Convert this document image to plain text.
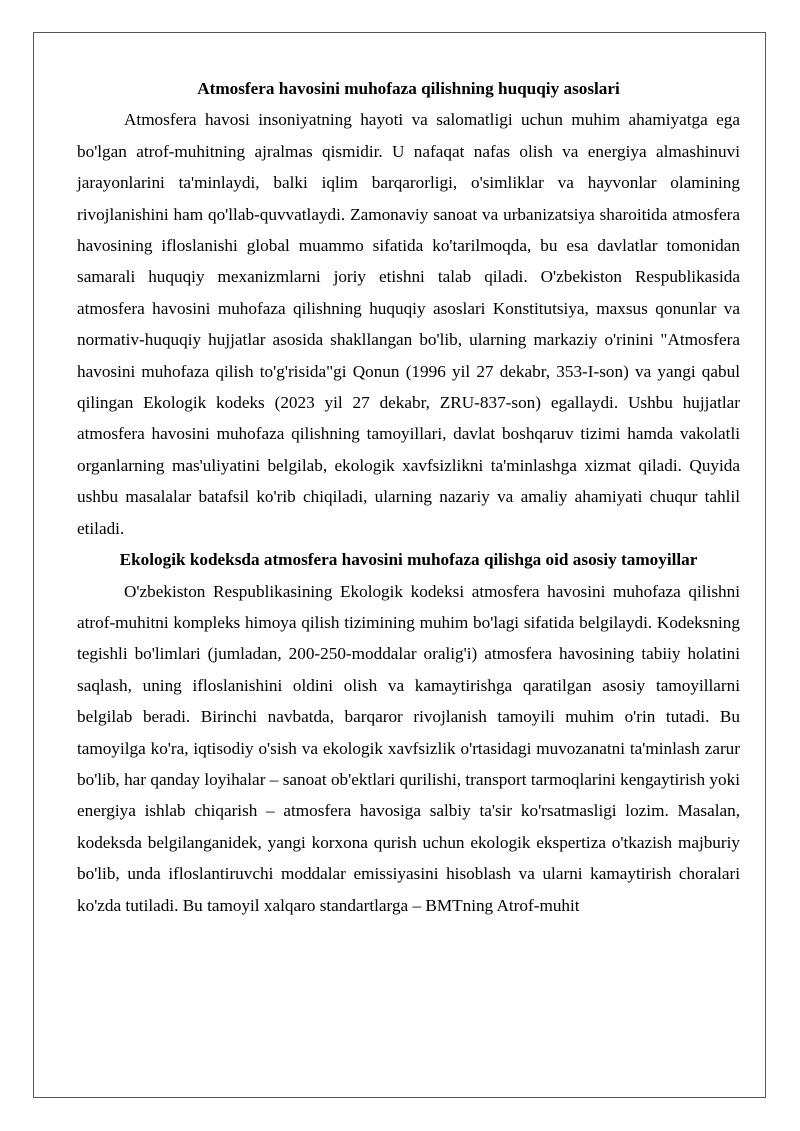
Atmosfera havosini muhofaza qilishning huquqiy asoslari

Atmosfera havosi insoniyatning hayoti va salomatligi uchun muhim ahamiyatga ega bo'lgan atrof-muhitning ajralmas qismidir. U nafaqat nafas olish va energiya almashinuvi jarayonlarini ta'minlaydi, balki iqlim barqarorligi, o'simliklar va hayvonlar olamining rivojlanishini ham qo'llab-quvvatlaydi. Zamonaviy sanoat va urbanizatsiya sharoitida atmosfera havosining ifloslanishi global muammo sifatida ko'tarilmoqda, bu esa davlatlar tomonidan samarali huquqiy mexanizmlarni joriy etishni talab qiladi. O'zbekiston Respublikasida atmosfera havosini muhofaza qilishning huquqiy asoslari Konstitutsiya, maxsus qonunlar va normativ-huquqiy hujjatlar asosida shakllangan bo'lib, ularning markaziy o'rinini "Atmosfera havosini muhofaza qilish to'g'risida"gi Qonun (1996 yil 27 dekabr, 353-I-son) va yangi qabul qilingan Ekologik kodeks (2023 yil 27 dekabr, ZRU-837-son) egallaydi. Ushbu hujjatlar atmosfera havosini muhofaza qilishning tamoyillari, davlat boshqaruv tizimi hamda vakolatli organlarning mas'uliyatini belgilab, ekologik xavfsizlikni ta'minlashga xizmat qiladi. Quyida ushbu masalalar batafsil ko'rib chiqiladi, ularning nazariy va amaliy ahamiyati chuqur tahlil etiladi.

Ekologik kodeksda atmosfera havosini muhofaza qilishga oid asosiy tamoyillar

O'zbekiston Respublikasining Ekologik kodeksi atmosfera havosini muhofaza qilishni atrof-muhitni kompleks himoya qilish tizimining muhim bo'lagi sifatida belgilaydi. Kodeksning tegishli bo'limlari (jumladan, 200-250-moddalar oralig'i) atmosfera havosining tabiiy holatini saqlash, uning ifloslanishini oldini olish va kamaytirishga qaratilgan asosiy tamoyillarni belgilab beradi. Birinchi navbatda, barqaror rivojlanish tamoyili muhim o'rin tutadi. Bu tamoyilga ko'ra, iqtisodiy o'sish va ekologik xavfsizlik o'rtasidagi muvozanatni ta'minlash zarur bo'lib, har qanday loyihalar – sanoat ob'ektlari qurilishi, transport tarmoqlarini kengaytirish yoki energiya ishlab chiqarish – atmosfera havosiga salbiy ta'sir ko'rsatmasligi lozim. Masalan, kodeksda belgilanganidek, yangi korxona qurish uchun ekologik ekspertiza o'tkazish majburiy bo'lib, unda ifloslantiruvchi moddalar emissiyasini hisoblash va ularni kamaytirish choralari ko'zda tutiladi. Bu tamoyil xalqaro standartlarga – BMTning Atrof-muhit
